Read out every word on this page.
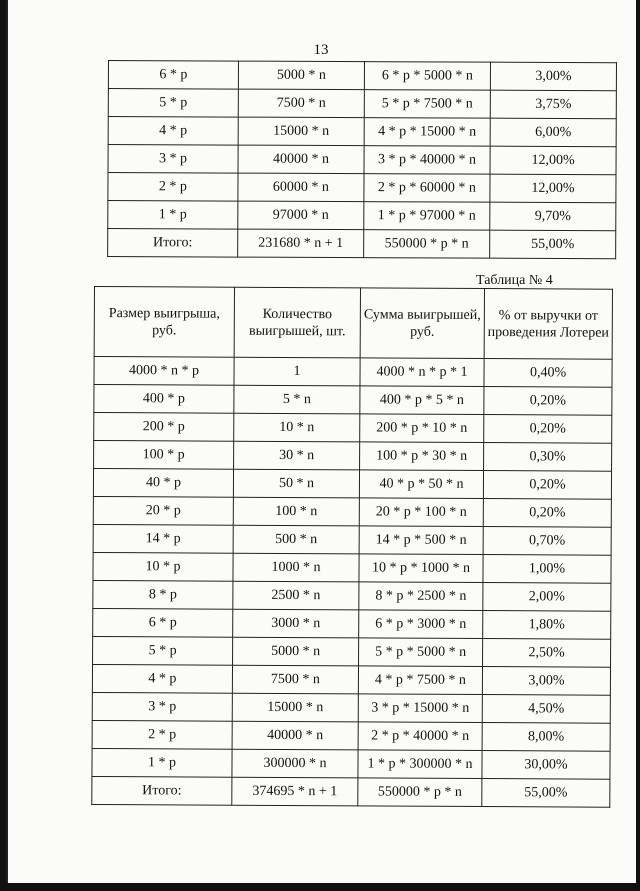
13
6 * p	5000 * n	6 * p * 5000 * n	3,00%
5 * p	7500 * n	5 * p * 7500 * n	3,75%
4 * p	15000 * n	4 * p * 15000 * n	6,00%
3 * p	40000 * n	3 * p * 40000 * n	12,00%
2 * p	60000 * n	2 * p * 60000 * n	12,00%
1 * p	97000 * n	1 * p * 97000 * n	9,70%
Итого:	231680 * n + 1	550000 * p * n	55,00%
Таблица № 4
Размер выигрыша, руб.	Количество выигрышей, шт.	Сумма выигрышей, руб.	% от выручки от проведения Лотереи
4000 * n * p	1	4000 * n * p * 1	0,40%
400 * p	5 * n	400 * p * 5 * n	0,20%
200 * p	10 * n	200 * p * 10 * n	0,20%
100 * p	30 * n	100 * p * 30 * n	0,30%
40 * p	50 * n	40 * p * 50 * n	0,20%
20 * p	100 * n	20 * p * 100 * n	0,20%
14 * p	500 * n	14 * p * 500 * n	0,70%
10 * p	1000 * n	10 * p * 1000 * n	1,00%
8 * p	2500 * n	8 * p * 2500 * n	2,00%
6 * p	3000 * n	6 * p * 3000 * n	1,80%
5 * p	5000 * n	5 * p * 5000 * n	2,50%
4 * p	7500 * n	4 * p * 7500 * n	3,00%
3 * p	15000 * n	3 * p * 15000 * n	4,50%
2 * p	40000 * n	2 * p * 40000 * n	8,00%
1 * p	300000 * n	1 * p * 300000 * n	30,00%
Итого:	374695 * n + 1	550000 * p * n	55,00%
